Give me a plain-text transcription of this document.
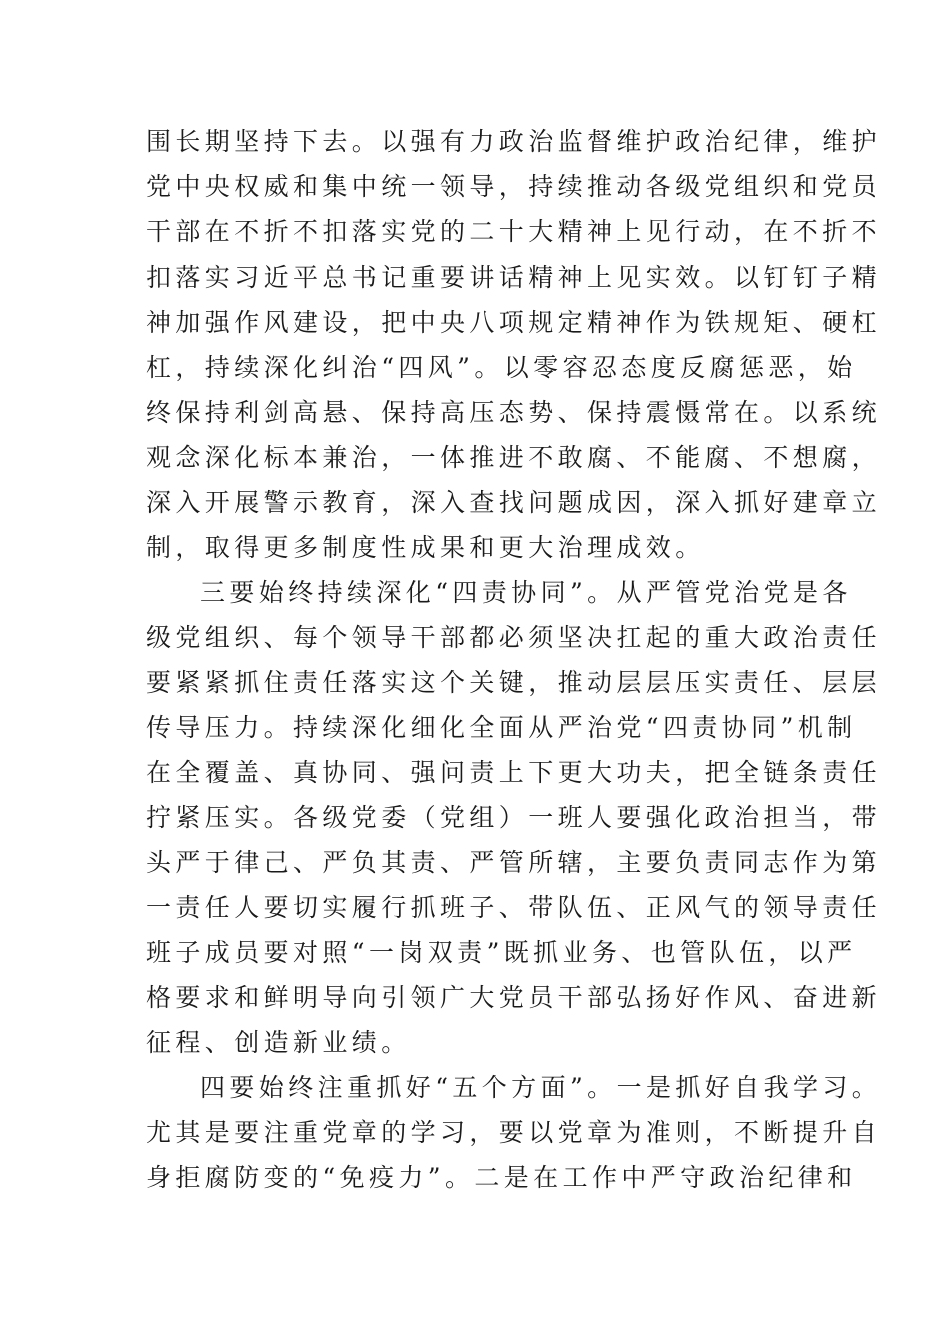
围长期坚持下去。以强有力政治监督维护政治纪律，维护
党中央权威和集中统一领导，持续推动各级党组织和党员
干部在不折不扣落实党的二十大精神上见行动，在不折不
扣落实习近平总书记重要讲话精神上见实效。以钉钉子精
神加强作风建设，把中央八项规定精神作为铁规矩、硬杠
杠，持续深化纠治“四风”。以零容忍态度反腐惩恶，始
终保持利剑高悬、保持高压态势、保持震慑常在。以系统
观念深化标本兼治，一体推进不敢腐、不能腐、不想腐，
深入开展警示教育，深入查找问题成因，深入抓好建章立
制，取得更多制度性成果和更大治理成效。
三要始终持续深化“四责协同”。从严管党治党是各
级党组织、每个领导干部都必须坚决扛起的重大政治责任
要紧紧抓住责任落实这个关键，推动层层压实责任、层层
传导压力。持续深化细化全面从严治党“四责协同”机制
在全覆盖、真协同、强问责上下更大功夫，把全链条责任
拧紧压实。各级党委（党组）一班人要强化政治担当，带
头严于律己、严负其责、严管所辖，主要负责同志作为第
一责任人要切实履行抓班子、带队伍、正风气的领导责任
班子成员要对照“一岗双责”既抓业务、也管队伍，以严
格要求和鲜明导向引领广大党员干部弘扬好作风、奋进新
征程、创造新业绩。
四要始终注重抓好“五个方面”。一是抓好自我学习。
尤其是要注重党章的学习，要以党章为准则，不断提升自
身拒腐防变的“免疫力”。二是在工作中严守政治纪律和
